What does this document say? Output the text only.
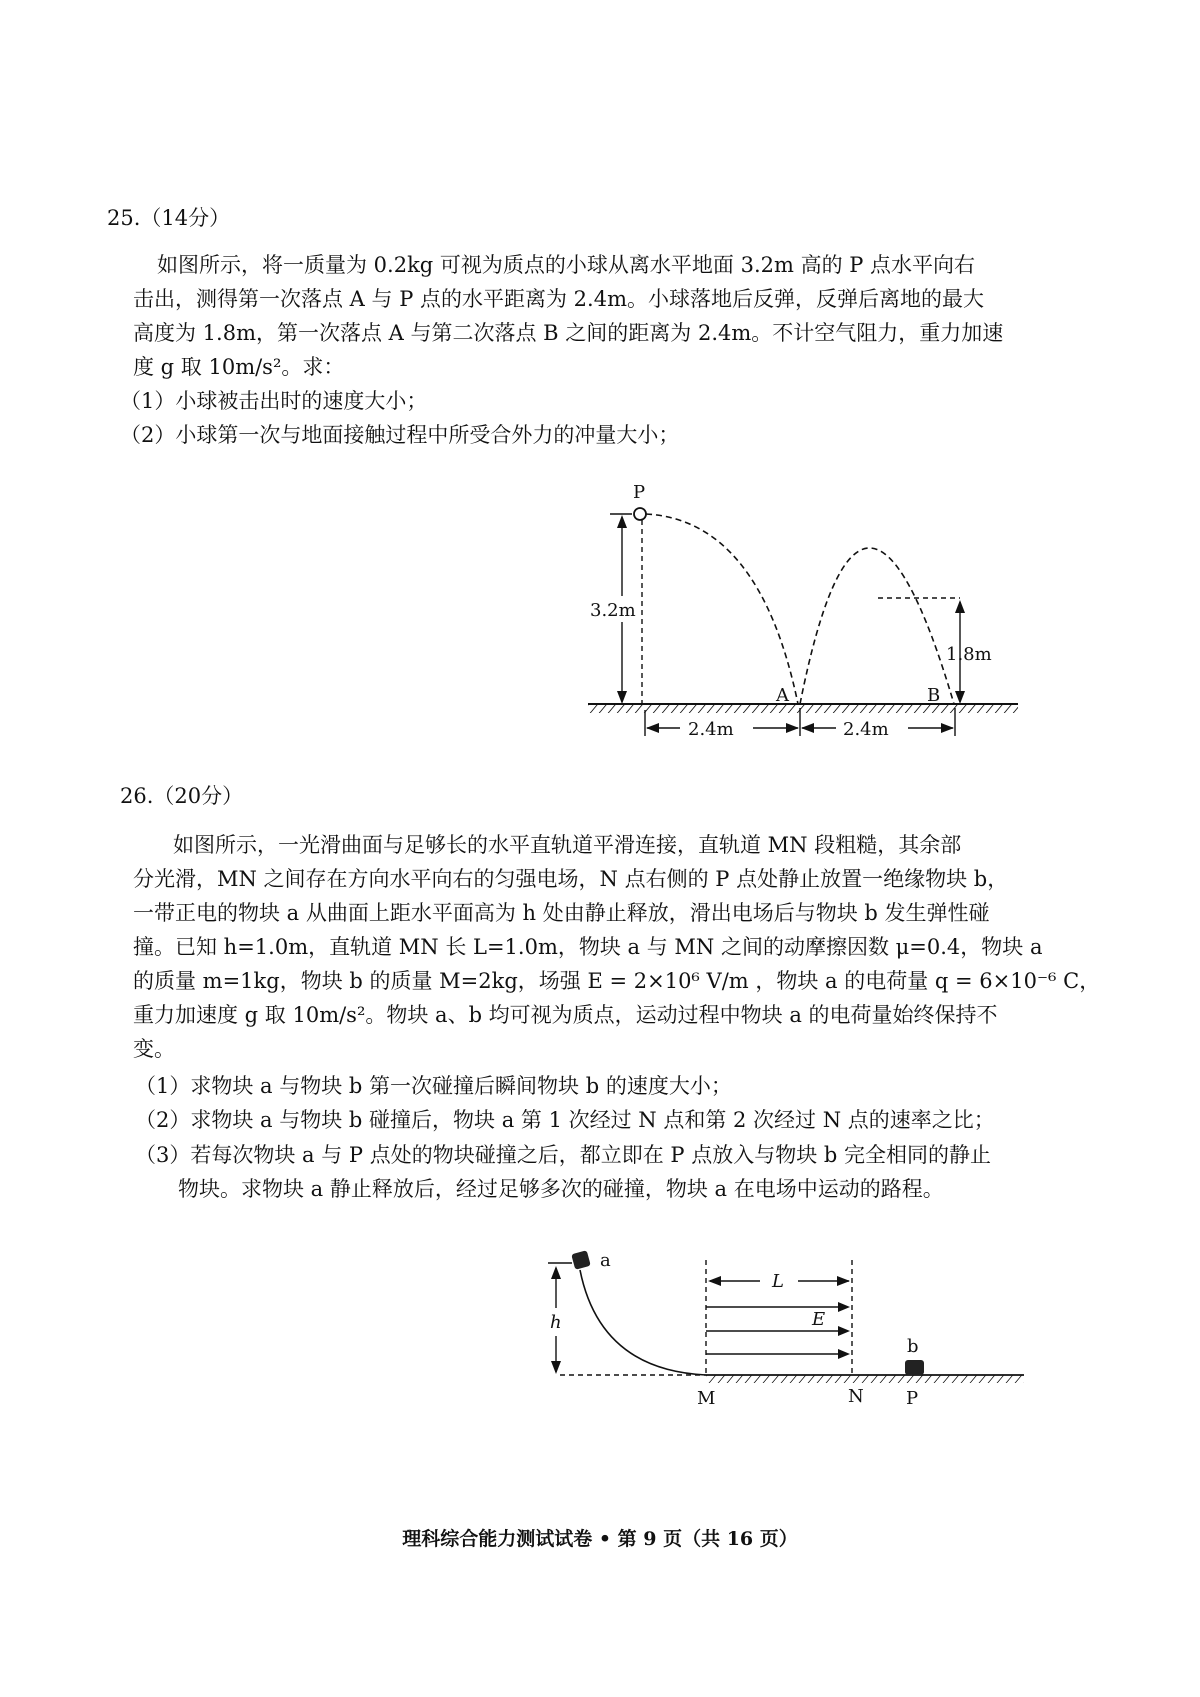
25.（14分）
如图所示，将一质量为 0.2kg 可视为质点的小球从离水平地面 3.2m 高的 P 点水平向右
击出，测得第一次落点 A 与 P 点的水平距离为 2.4m。小球落地后反弹，反弹后离地的最大
高度为 1.8m，第一次落点 A 与第二次落点 B 之间的距离为 2.4m。不计空气阻力，重力加速
度 g 取 10m/s²。求：
（1）小球被击出时的速度大小；
（2）小球第一次与地面接触过程中所受合外力的冲量大小；
P
3.2m
1.8m
A	B
2.4m	2.4m
26.（20分）
如图所示，一光滑曲面与足够长的水平直轨道平滑连接，直轨道 MN 段粗糙，其余部
分光滑，MN 之间存在方向水平向右的匀强电场，N 点右侧的 P 点处静止放置一绝缘物块 b，
一带正电的物块 a 从曲面上距水平面高为 h 处由静止释放，滑出电场后与物块 b 发生弹性碰
撞。已知 h=1.0m，直轨道 MN 长 L=1.0m，物块 a 与 MN 之间的动摩擦因数 μ=0.4，物块 a
的质量 m=1kg，物块 b 的质量 M=2kg，场强 E = 2×10⁶ V/m ，物块 a 的电荷量 q = 6×10⁻⁶ C，
重力加速度 g 取 10m/s²。物块 a、b 均可视为质点，运动过程中物块 a 的电荷量始终保持不
变。
（1）求物块 a 与物块 b 第一次碰撞后瞬间物块 b 的速度大小；
（2）求物块 a 与物块 b 碰撞后，物块 a 第 1 次经过 N 点和第 2 次经过 N 点的速率之比；
（3）若每次物块 a 与 P 点处的物块碰撞之后，都立即在 P 点放入与物块 b 完全相同的静止
物块。求物块 a 静止释放后，经过足够多次的碰撞，物块 a 在电场中运动的路程。
a
h
L
E
b
M	N P
理科综合能力测试试卷 • 第 9 页（共 16 页）
